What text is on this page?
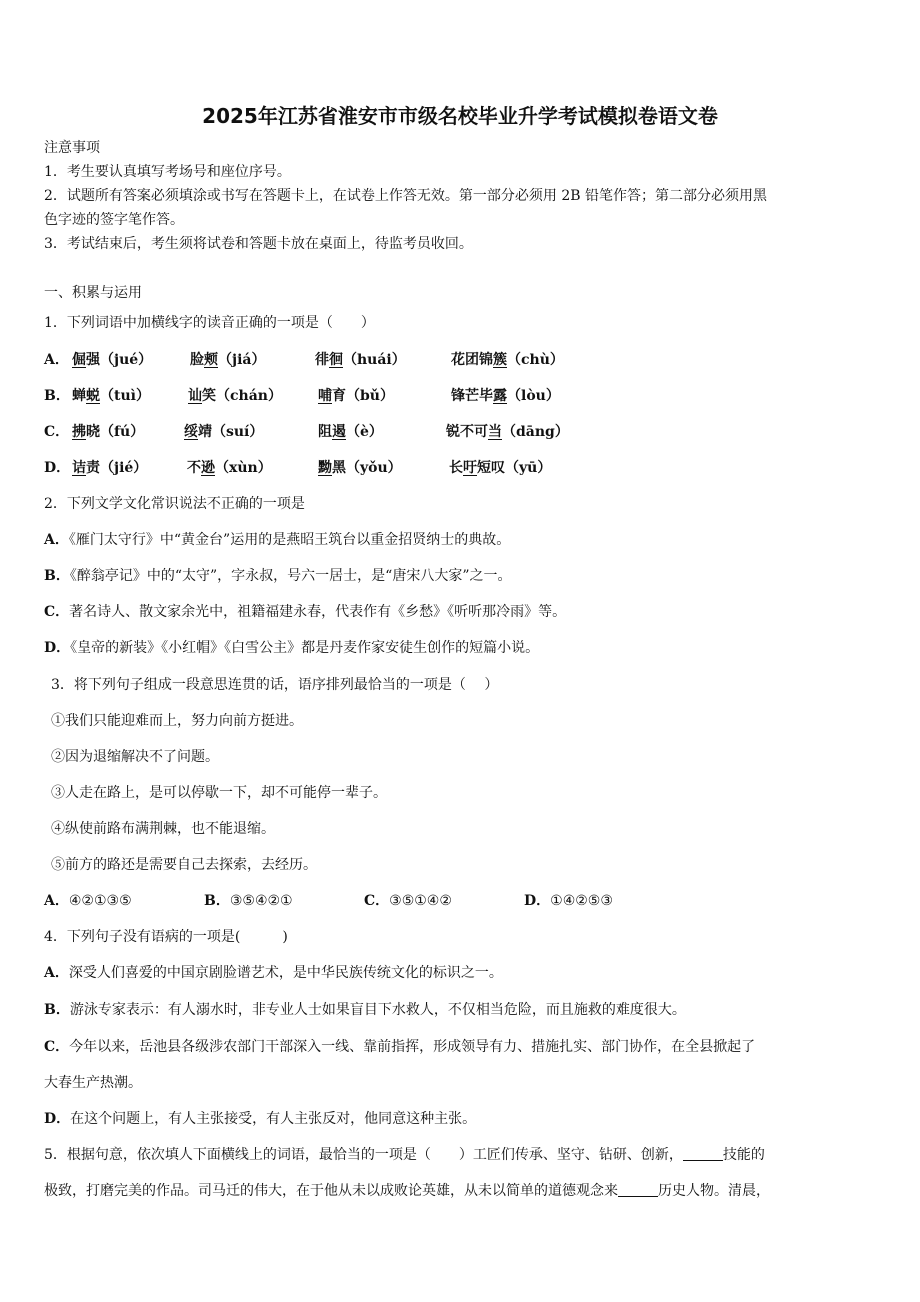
2025年江苏省淮安市市级名校毕业升学考试模拟卷语文卷
注意事项
1．考生要认真填写考场号和座位序号。
2．试题所有答案必须填涂或书写在答题卡上，在试卷上作答无效。第一部分必须用 2B 铅笔作答；第二部分必须用黑
色字迹的签字笔作答。
3．考试结束后，考生须将试卷和答题卡放在桌面上，待监考员收回。
一、积累与运用
1．下列词语中加横线字的读音正确的一项是（　　）
A． 倔强（jué）	脸颊（jiá）	徘徊（huái）	花团锦簇（chù）
B． 蝉蜕（tuì）	讪笑（chán）	哺育（bǔ）	锋芒毕露（lòu）
C． 拂晓（fú）	绥靖（suí）	阻遏（è）	锐不可当（dāng）
D． 诘责（jié）	不逊（xùn）	黝黑（yǒu）	长吁短叹（yū）
2．下列文学文化常识说法不正确的一项是
A．《雁门太守行》中“黄金台”运用的是燕昭王筑台以重金招贤纳士的典故。
B．《醉翁亭记》中的“太守”，字永叔，号六一居士，是“唐宋八大家”之一。
C．著名诗人、散文家余光中，祖籍福建永春，代表作有《乡愁》《听听那冷雨》等。
D．《皇帝的新装》《小红帽》《白雪公主》都是丹麦作家安徒生创作的短篇小说。
3．将下列句子组成一段意思连贯的话，语序排列最恰当的一项是（　 ）
①我们只能迎难而上，努力向前方挺进。
②因为退缩解决不了问题。
③人走在路上，是可以停歇一下，却不可能停一辈子。
④纵使前路布满荆棘，也不能退缩。
⑤前方的路还是需要自己去探索，去经历。
A． ④②①③⑤	B． ③⑤④②①	C． ③⑤①④②	D． ①④②⑤③
4．下列句子没有语病的一项是(　　　)
A．深受人们喜爱的中国京剧脸谱艺术，是中华民族传统文化的标识之一。
B．游泳专家表示：有人溺水时，非专业人士如果盲目下水救人，不仅相当危险，而且施救的难度很大。
C．今年以来，岳池县各级涉农部门干部深入一线、靠前指挥，形成领导有力、措施扎实、部门协作，在全县掀起了
大春生产热潮。
D．在这个问题上，有人主张接受，有人主张反对，他同意这种主张。
5．根据句意，依次填人下面横线上的词语，最恰当的一项是（　　）工匠们传承、坚守、钻研、创新，	技能的
极致，打磨完美的作品。司马迁的伟大，在于他从未以成败论英雄，从未以简单的道德观念来	历史人物。清晨，
